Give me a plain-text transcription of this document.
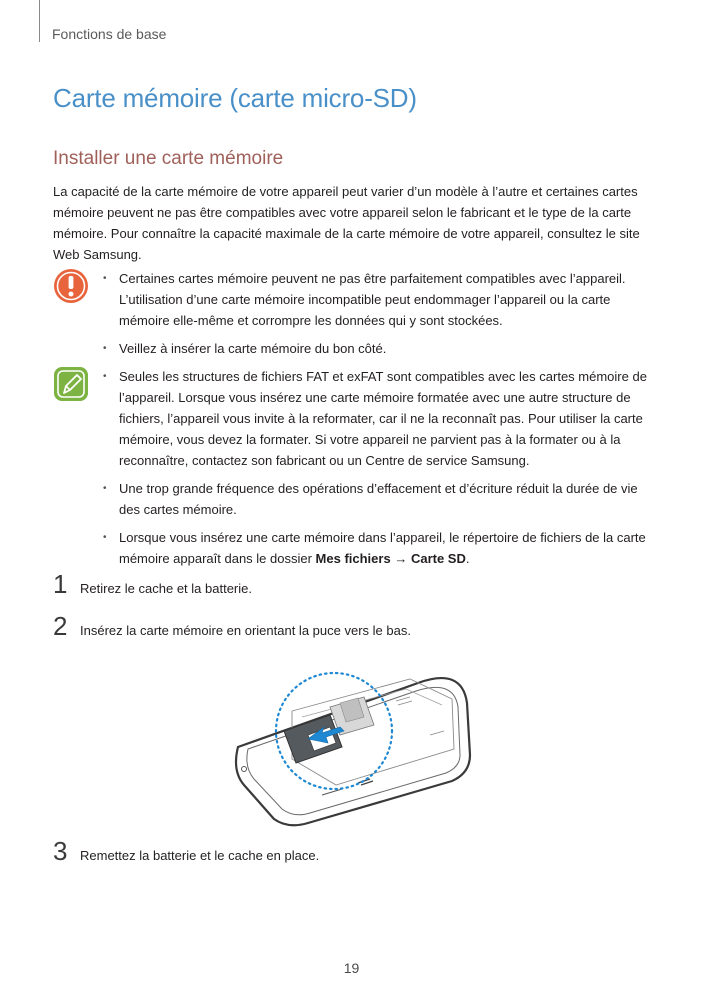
Fonctions de base
Carte mémoire (carte micro-SD)
Installer une carte mémoire

La capacité de la carte mémoire de votre appareil peut varier d’un modèle à l’autre et certaines cartes mémoire peuvent ne pas être compatibles avec votre appareil selon le fabricant et le type de la carte mémoire. Pour connaître la capacité maximale de la carte mémoire de votre appareil, consultez le site Web Samsung.

• Certaines cartes mémoire peuvent ne pas être parfaitement compatibles avec l’appareil. L’utilisation d’une carte mémoire incompatible peut endommager l’appareil ou la carte mémoire elle-même et corrompre les données qui y sont stockées.
• Veillez à insérer la carte mémoire du bon côté.
• Seules les structures de fichiers FAT et exFAT sont compatibles avec les cartes mémoire de l’appareil. Lorsque vous insérez une carte mémoire formatée avec une autre structure de fichiers, l’appareil vous invite à la reformater, car il ne la reconnaît pas. Pour utiliser la carte mémoire, vous devez la formater. Si votre appareil ne parvient pas à la formater ou à la reconnaître, contactez son fabricant ou un Centre de service Samsung.
• Une trop grande fréquence des opérations d’effacement et d’écriture réduit la durée de vie des cartes mémoire.
• Lorsque vous insérez une carte mémoire dans l’appareil, le répertoire de fichiers de la carte mémoire apparaît dans le dossier Mes fichiers → Carte SD.
1 Retirez le cache et la batterie.
2 Insérez la carte mémoire en orientant la puce vers le bas.
3 Remettez la batterie et le cache en place.
19
